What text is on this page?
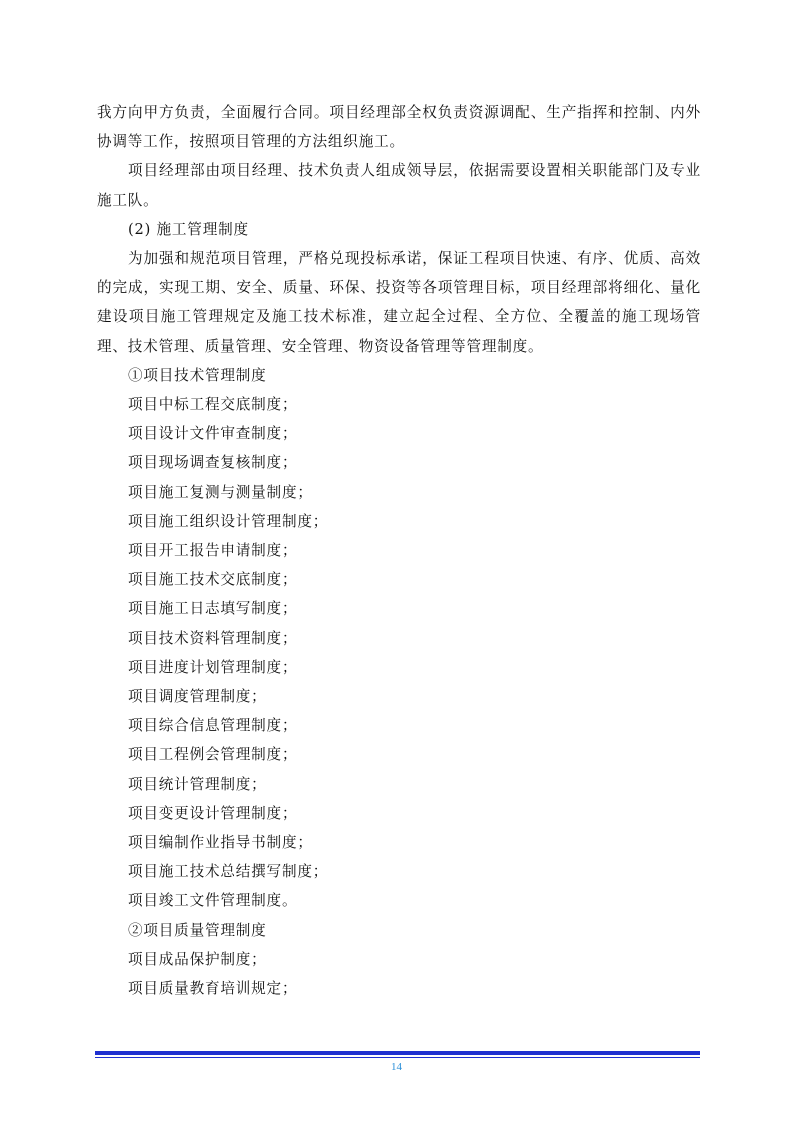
我方向甲方负责，全面履行合同。项目经理部全权负责资源调配、生产指挥和控制、内外协调等工作，按照项目管理的方法组织施工。

项目经理部由项目经理、技术负责人组成领导层，依据需要设置相关职能部门及专业施工队。

(2) 施工管理制度

为加强和规范项目管理，严格兑现投标承诺，保证工程项目快速、有序、优质、高效的完成，实现工期、安全、质量、环保、投资等各项管理目标，项目经理部将细化、量化建设项目施工管理规定及施工技术标准，建立起全过程、全方位、全覆盖的施工现场管理、技术管理、质量管理、安全管理、物资设备管理等管理制度。

①项目技术管理制度

项目中标工程交底制度；

项目设计文件审查制度；

项目现场调查复核制度；

项目施工复测与测量制度；

项目施工组织设计管理制度；

项目开工报告申请制度；

项目施工技术交底制度；

项目施工日志填写制度；

项目技术资料管理制度；

项目进度计划管理制度；

项目调度管理制度；

项目综合信息管理制度；

项目工程例会管理制度；

项目统计管理制度；

项目变更设计管理制度；

项目编制作业指导书制度；

项目施工技术总结撰写制度；

项目竣工文件管理制度。

②项目质量管理制度

项目成品保护制度；

项目质量教育培训规定；

14
